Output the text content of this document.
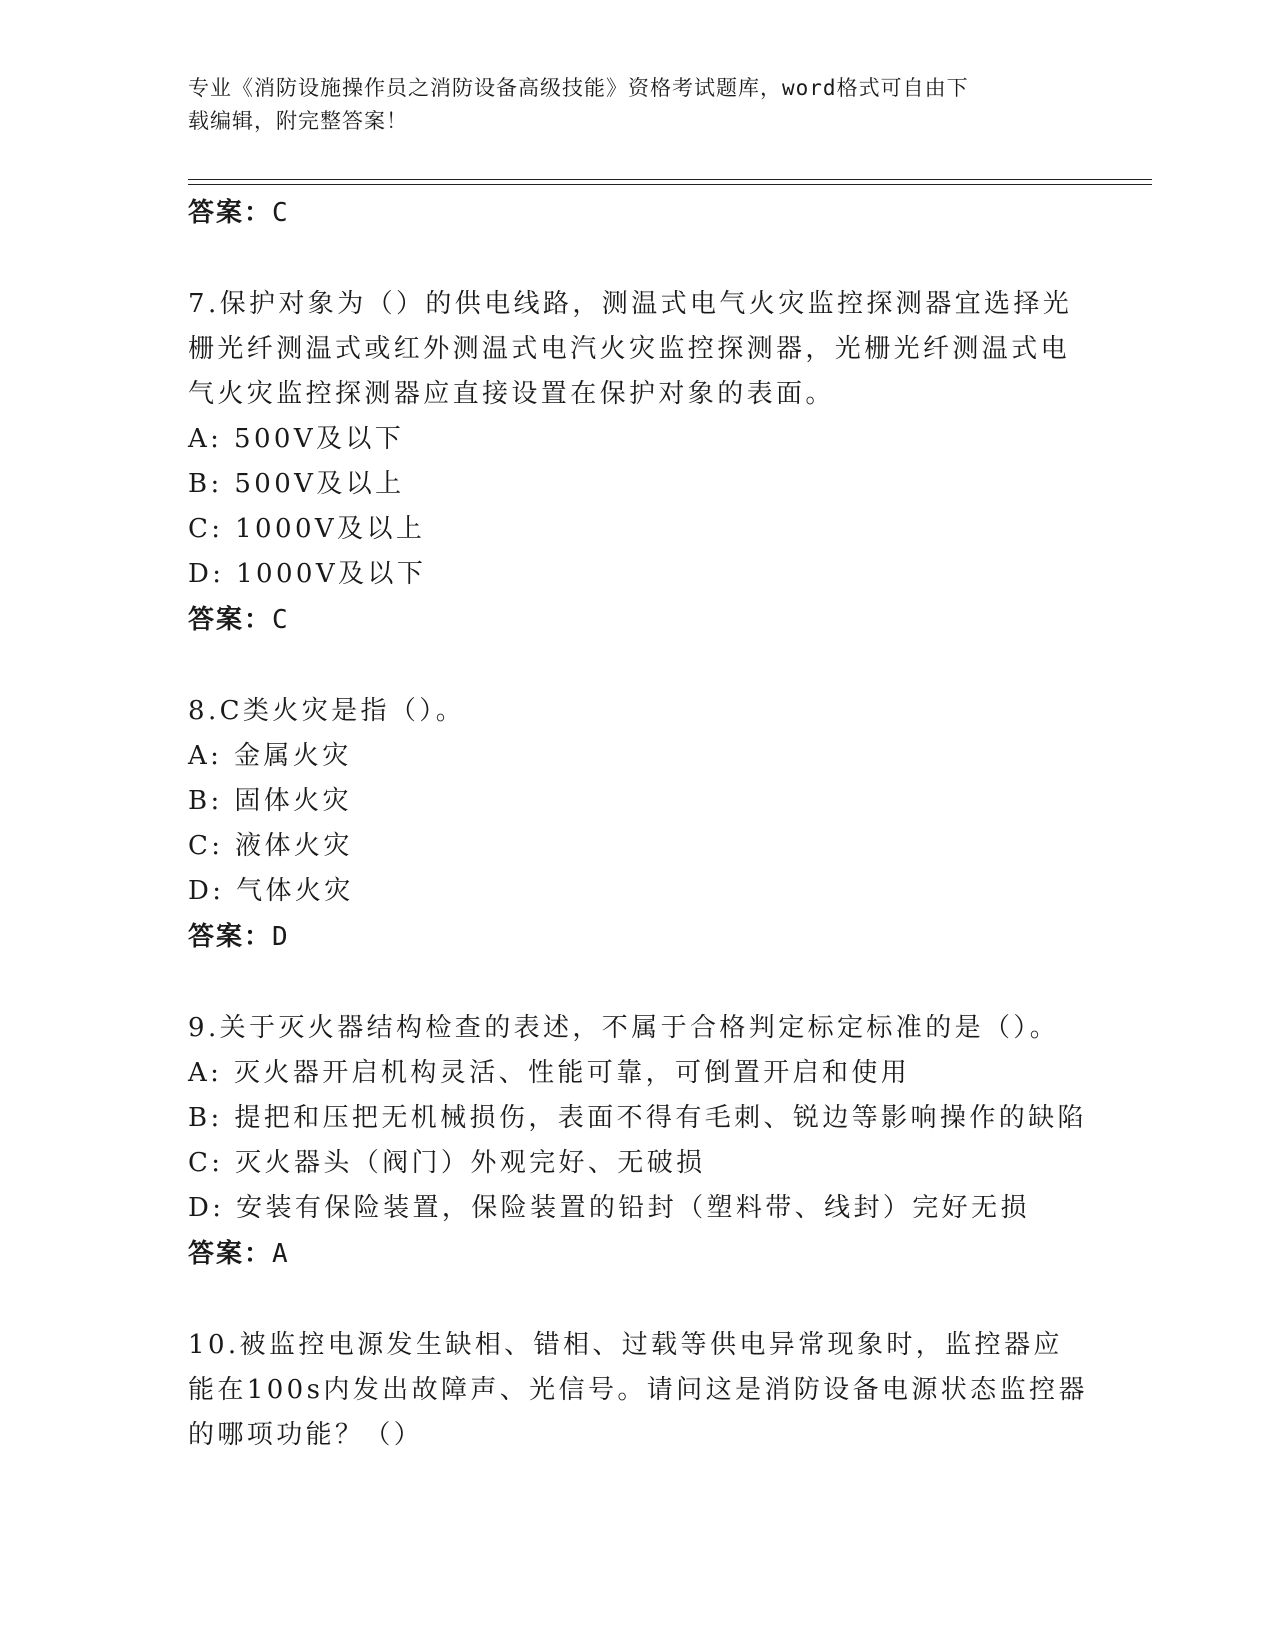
专业《消防设施操作员之消防设备高级技能》资格考试题库，word格式可自由下
载编辑，附完整答案！
答案：C

7.保护对象为（）的供电线路，测温式电气火灾监控探测器宜选择光栅光纤测温式或红外测温式电汽火灾监控探测器，光栅光纤测温式电气火灾监控探测器应直接设置在保护对象的表面。

A: 500V及以下
B: 500V及以上
C: 1000V及以上
D: 1000V及以下
答案：C

8.C类火灾是指（）。

A: 金属火灾
B: 固体火灾
C: 液体火灾
D: 气体火灾
答案：D

9.关于灭火器结构检查的表述，不属于合格判定标定标准的是（）。

A: 灭火器开启机构灵活、性能可靠，可倒置开启和使用
B: 提把和压把无机械损伤，表面不得有毛刺、锐边等影响操作的缺陷
C: 灭火器头（阀门）外观完好、无破损
D: 安装有保险装置，保险装置的铅封（塑料带、线封）完好无损
答案：A

10.被监控电源发生缺相、错相、过载等供电异常现象时，监控器应能在100s内发出故障声、光信号。请问这是消防设备电源状态监控器的哪项功能？（）
